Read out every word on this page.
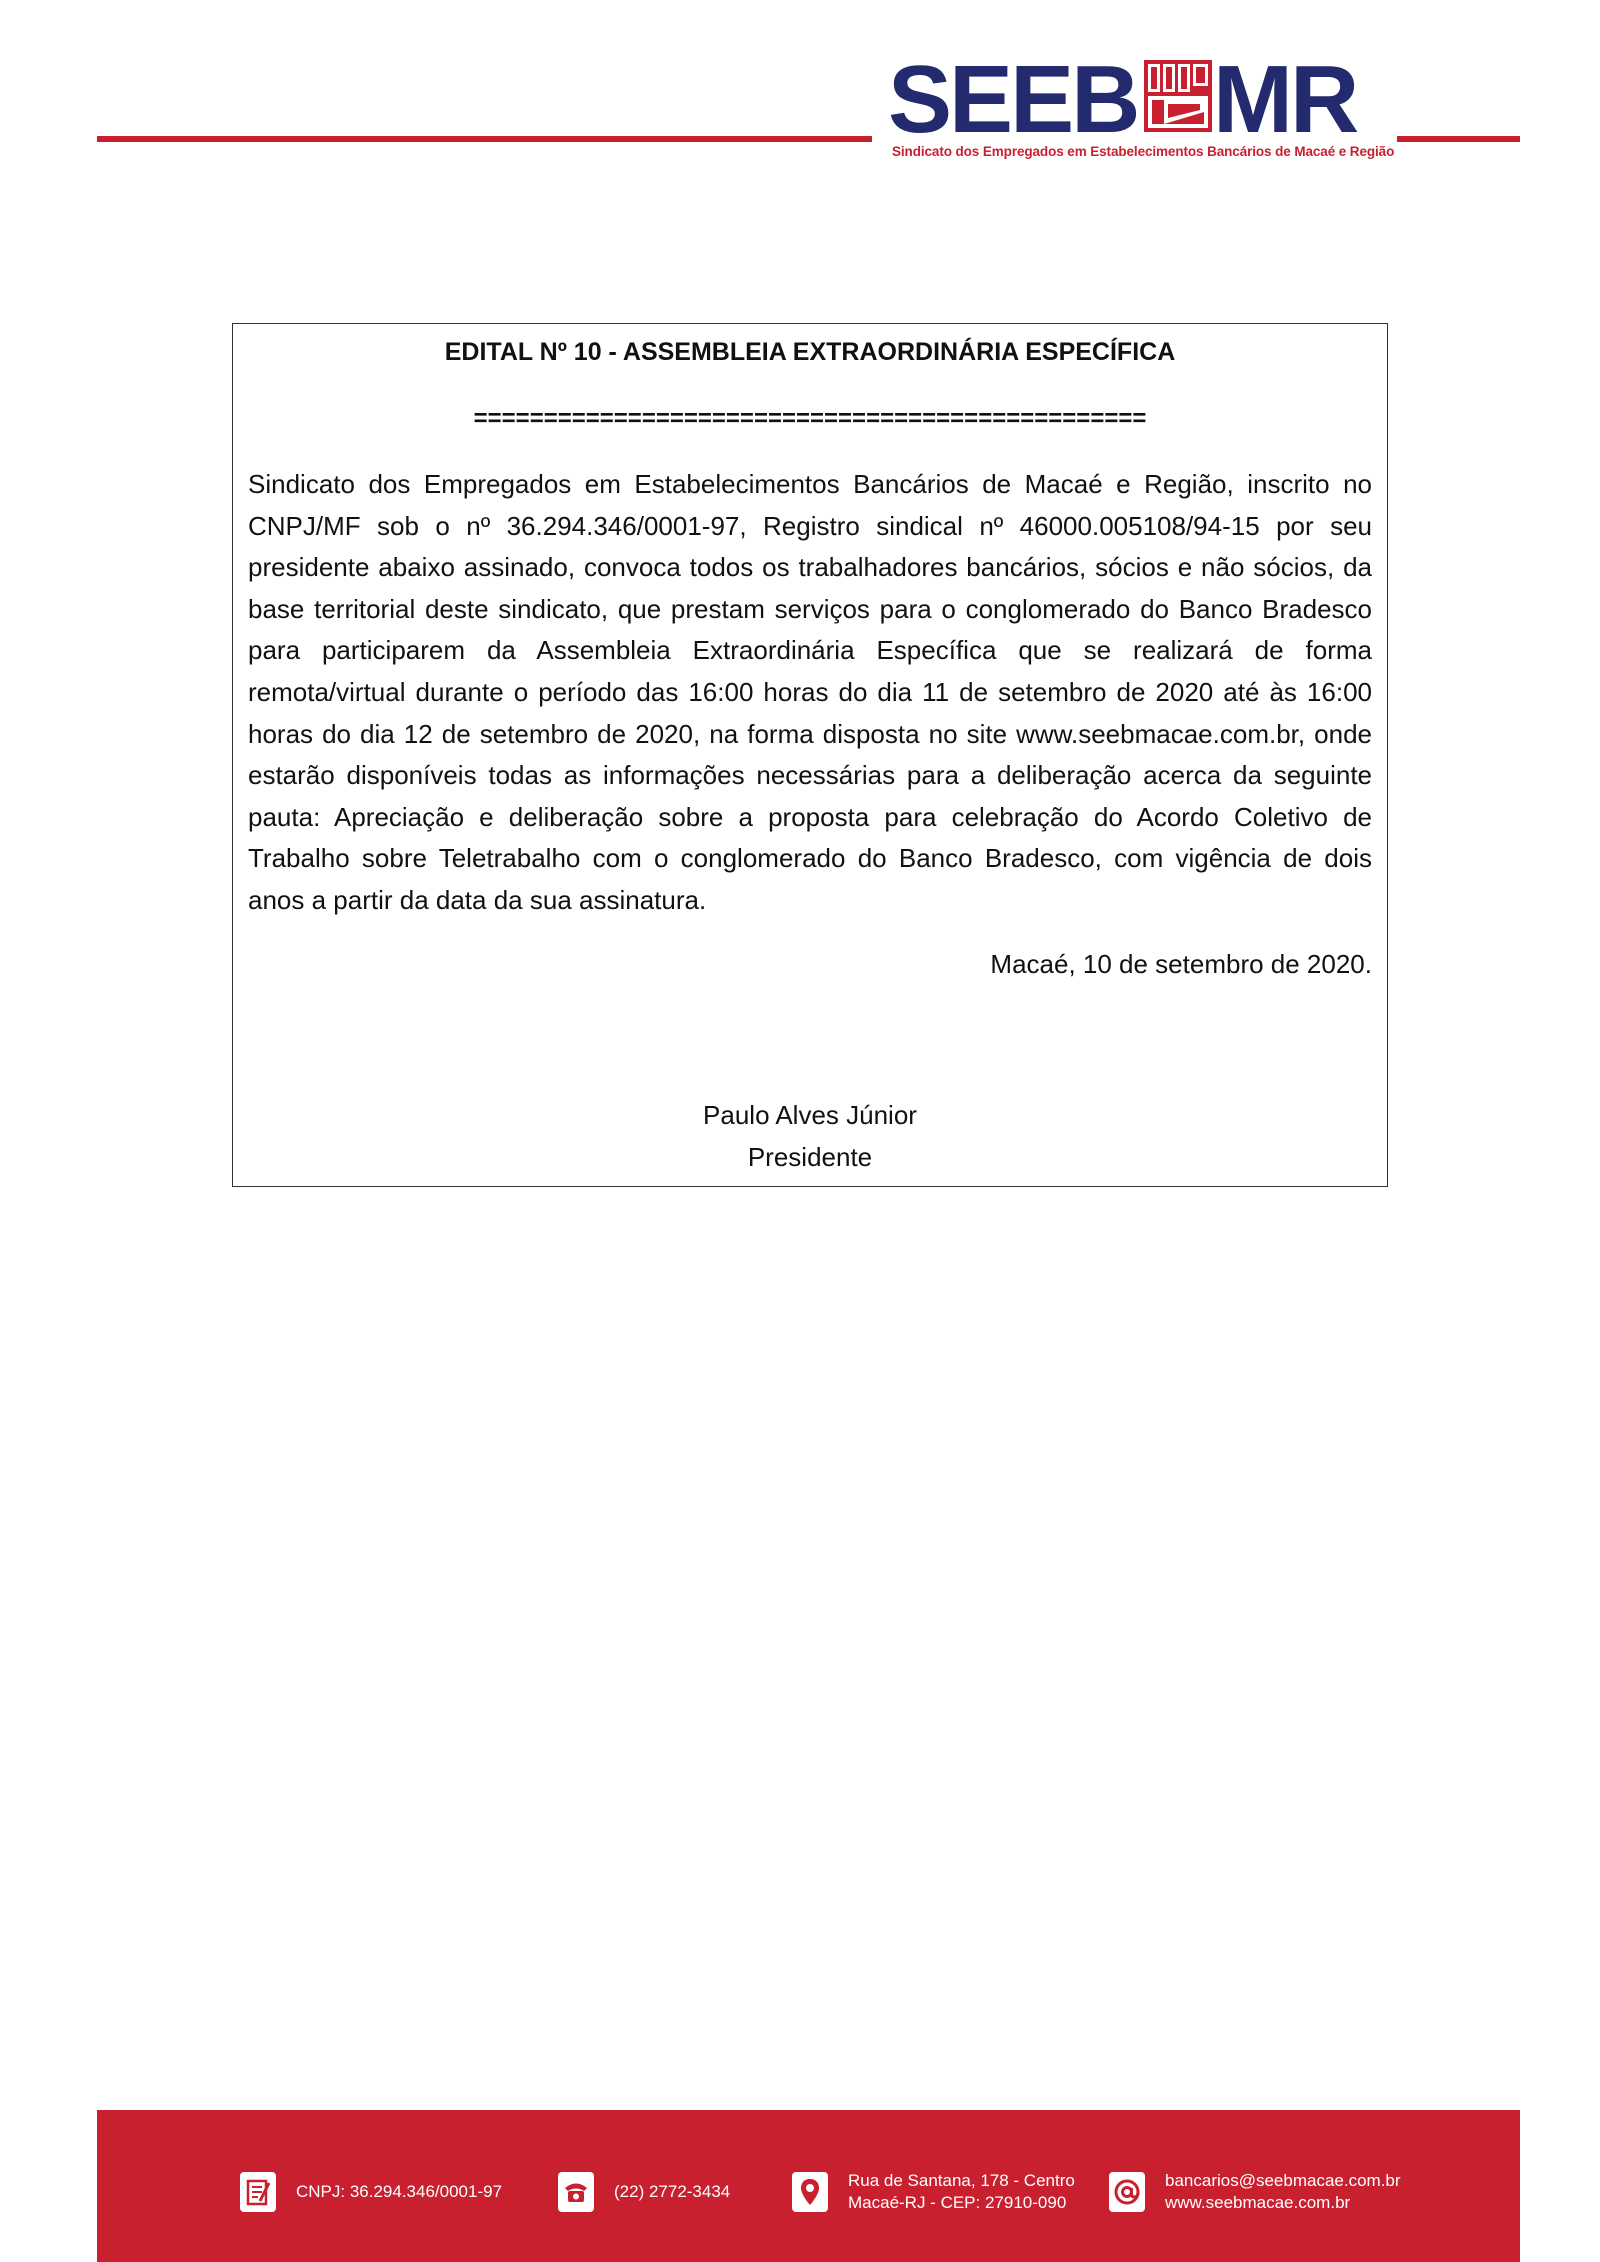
SEEB MR
Sindicato dos Empregados em Estabelecimentos Bancários de Macaé e Região
EDITAL Nº 10 - ASSEMBLEIA EXTRAORDINÁRIA ESPECÍFICA
================================================

Sindicato dos Empregados em Estabelecimentos Bancários de Macaé e Região, inscrito no CNPJ/MF sob o nº 36.294.346/0001-97, Registro sindical nº 46000.005108/94-15 por seu presidente abaixo assinado, convoca todos os trabalhadores bancários, sócios e não sócios, da base territorial deste sindicato, que prestam serviços para o conglomerado do Banco Bradesco para participarem da Assembleia Extraordinária Específica que se realizará de forma remota/virtual durante o período das 16:00 horas do dia 11 de setembro de 2020 até às 16:00 horas do dia 12 de setembro de 2020, na forma disposta no site www.seebmacae.com.br, onde estarão disponíveis todas as informações necessárias para a deliberação acerca da seguinte pauta: Apreciação e deliberação sobre a proposta para celebração do Acordo Coletivo de Trabalho sobre Teletrabalho com o conglomerado do Banco Bradesco, com vigência de dois anos a partir da data da sua assinatura.

Macaé, 10 de setembro de 2020.
Paulo Alves Júnior
Presidente
CNPJ: 36.294.346/0001-97	(22) 2772-3434
Rua de Santana, 178 - Centro
Macaé-RJ - CEP: 27910-090
bancarios@seebmacae.com.br
www.seebmacae.com.br
